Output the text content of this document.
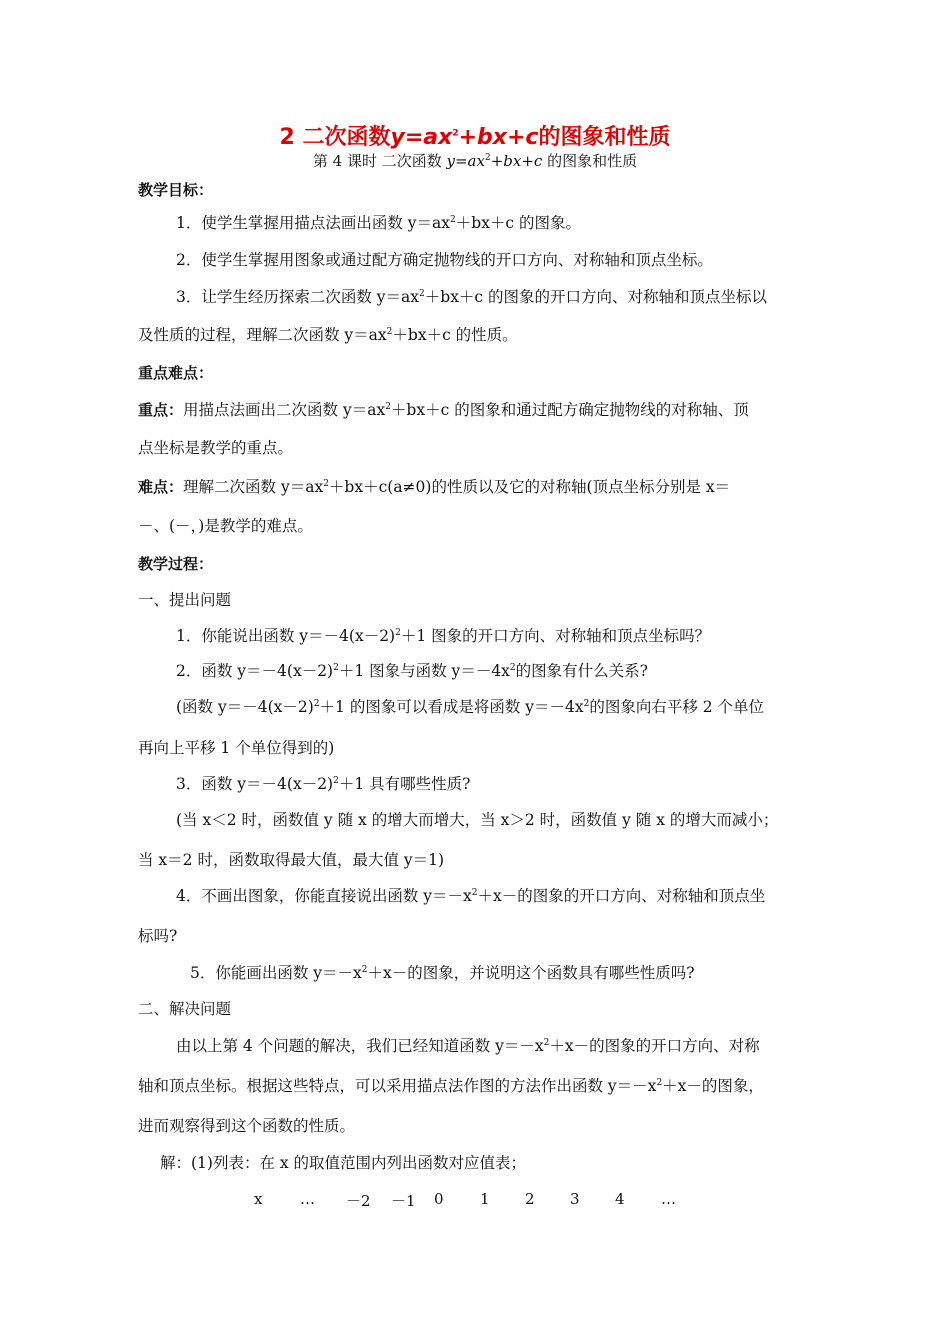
2 二次函数$y=ax^2+bx+c$的图象和性质
第 4 课时 二次函数 $y=ax^2+bx+c$ 的图象和性质
教学目标：
1．使学生掌握用描点法画出函数 $y=ax^2+bx+c$ 的图象。
2．使学生掌握用图象或通过配方确定抛物线的开口方向、对称轴和顶点坐标。
3．让学生经历探索二次函数 $y=ax^2+bx+c$ 的图象的开口方向、对称轴和顶点坐标以
及性质的过程，理解二次函数 $y=ax^2+bx+c$ 的性质。
重点难点：
重点：用描点法画出二次函数 $y=ax^2+bx+c$ 的图象和通过配方确定抛物线的对称轴、顶
点坐标是教学的重点。
难点：理解二次函数 $y=ax^2+bx+c(a\ne 0)$的性质以及它的对称轴(顶点坐标分别是 x＝
－、(－，)是教学的难点。
教学过程：
一、提出问题
1．你能说出函数 $y=-4(x-2)^2+1$ 图象的开口方向、对称轴和顶点坐标吗？
2．函数 $y=-4(x-2)^2+1$ 图象与函数 $y=-4x^2$的图象有什么关系?
(函数 $y=-4(x-2)^2+1$ 的图象可以看成是将函数 $y=-4x^2$的图象向右平移 2 个单位
再向上平移 1 个单位得到的)
3．函数 $y=-4(x-2)^2+1$ 具有哪些性质?
(当 x＜2 时，函数值 y 随 x 的增大而增大，当 x＞2 时，函数值 y 随 x 的增大而减小；
当 x＝2 时，函数取得最大值，最大值 y＝1)
4．不画出图象，你能直接说出函数 $y=-x^2+x-$的图象的开口方向、对称轴和顶点坐
标吗?
5．你能画出函数 $y=-x^2+x-$的图象，并说明这个函数具有哪些性质吗?
二、解决问题
由以上第 4 个问题的解决，我们已经知道函数 $y=-x^2+x-$的图象的开口方向、对称
轴和顶点坐标。根据这些特点，可以采用描点法作图的方法作出函数 $y=-x^2+x-$的图象，
进而观察得到这个函数的性质。
解：(1)列表：在 x 的取值范围内列出函数对应值表；
x	… －2 －1 0 1 2 3 4 …
